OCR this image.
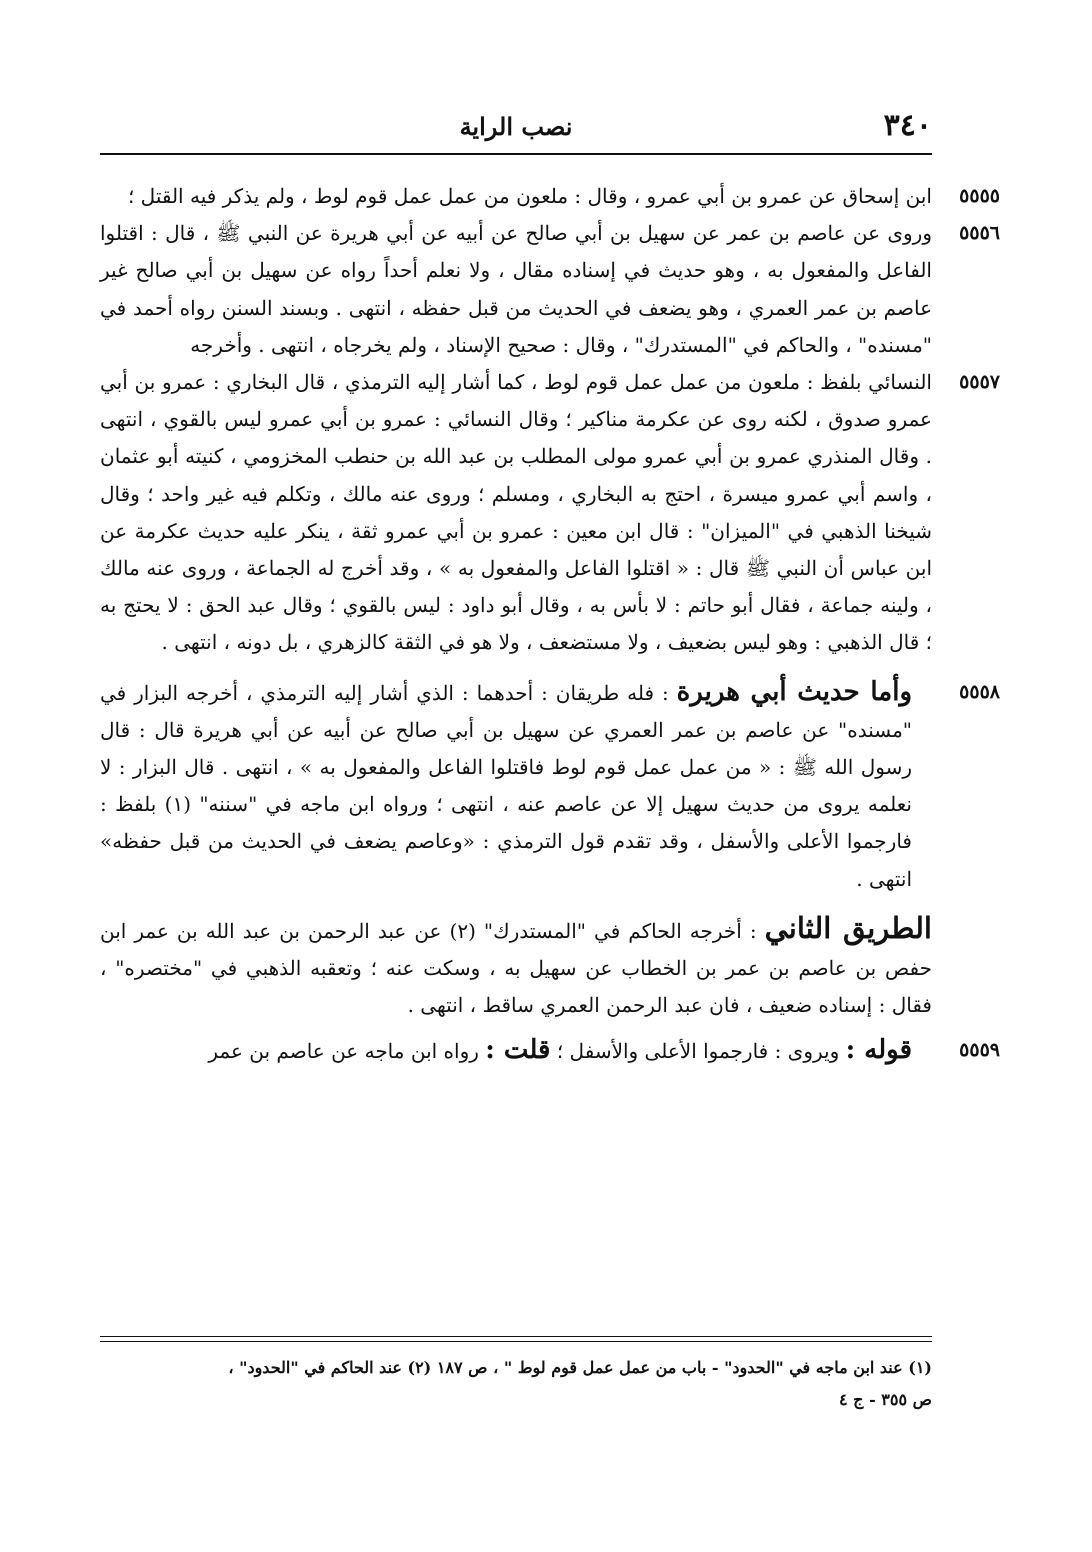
٣٤٠
نصب الراية

٥٥٥٥
ابن إسحاق عن عمرو بن أبي عمرو ، وقال : ملعون من عمل عمل قوم لوط ، ولم يذكر فيه القتل ؛

٥٥٥٦
وروى عن عاصم بن عمر عن سهيل بن أبي صالح عن أبيه عن أبي هريرة عن النبي ﷺ ، قال : اقتلوا الفاعل والمفعول به ، وهو حديث في إسناده مقال ، ولا نعلم أحداً رواه عن سهيل بن أبي صالح غير عاصم بن عمر العمري ، وهو يضعف في الحديث من قبل حفظه ، انتهى . وبسند السنن رواه أحمد في "مسنده" ، والحاكم في "المستدرك" ، وقال : صحيح الإسناد ، ولم يخرجاه ، انتهى . وأخرجه

٥٥٥٧
النسائي بلفظ : ملعون من عمل عمل قوم لوط ، كما أشار إليه الترمذي ، قال البخاري : عمرو بن أبي عمرو صدوق ، لكنه روى عن عكرمة مناكير ؛ وقال النسائي : عمرو بن أبي عمرو ليس بالقوي ، انتهى . وقال المنذري عمرو بن أبي عمرو مولى المطلب بن عبد الله بن حنطب المخزومي ، كنيته أبو عثمان ، واسم أبي عمرو ميسرة ، احتج به البخاري ، ومسلم ؛ وروى عنه مالك ، وتكلم فيه غير واحد ؛ وقال شيخنا الذهبي في "الميزان" : قال ابن معين : عمرو بن أبي عمرو ثقة ، ينكر عليه حديث عكرمة عن ابن عباس أن النبي ﷺ قال : « اقتلوا الفاعل والمفعول به » ، وقد أخرج له الجماعة ، وروى عنه مالك ، ولينه جماعة ، فقال أبو حاتم : لا بأس به ، وقال أبو داود : ليس بالقوي ؛ وقال عبد الحق : لا يحتج به ؛ قال الذهبي : وهو ليس بضعيف ، ولا مستضعف ، ولا هو في الثقة كالزهري ، بل دونه ، انتهى .

٥٥٥٨
وأما حديث أبي هريرة : فله طريقان : أحدهما : الذي أشار إليه الترمذي ، أخرجه البزار في "مسنده" عن عاصم بن عمر العمري عن سهيل بن أبي صالح عن أبيه عن أبي هريرة قال : قال رسول الله ﷺ : « من عمل عمل قوم لوط فاقتلوا الفاعل والمفعول به » ، انتهى . قال البزار : لا نعلمه يروى من حديث سهيل إلا عن عاصم عنه ، انتهى ؛ ورواه ابن ماجه في "سننه" (١) بلفظ : فارجموا الأعلى والأسفل ، وقد تقدم قول الترمذي : «وعاصم يضعف في الحديث من قبل حفظه» انتهى .

الطريق الثاني : أخرجه الحاكم في "المستدرك" (٢) عن عبد الرحمن بن عبد الله بن عمر ابن حفص بن عاصم بن عمر بن الخطاب عن سهيل به ، وسكت عنه ؛ وتعقبه الذهبي في "مختصره" ، فقال : إسناده ضعيف ، فان عبد الرحمن العمري ساقط ، انتهى .

٥٥٥٩
قوله : ويروى : فارجموا الأعلى والأسفل ؛ قلت : رواه ابن ماجه عن عاصم بن عمر

(١) عند ابن ماجه في "الحدود" - باب من عمل عمل قوم لوط " ، ص ١٨٧ (٢) عند الحاكم في "الحدود" ،
ص ٣٥٥ - ج ٤
